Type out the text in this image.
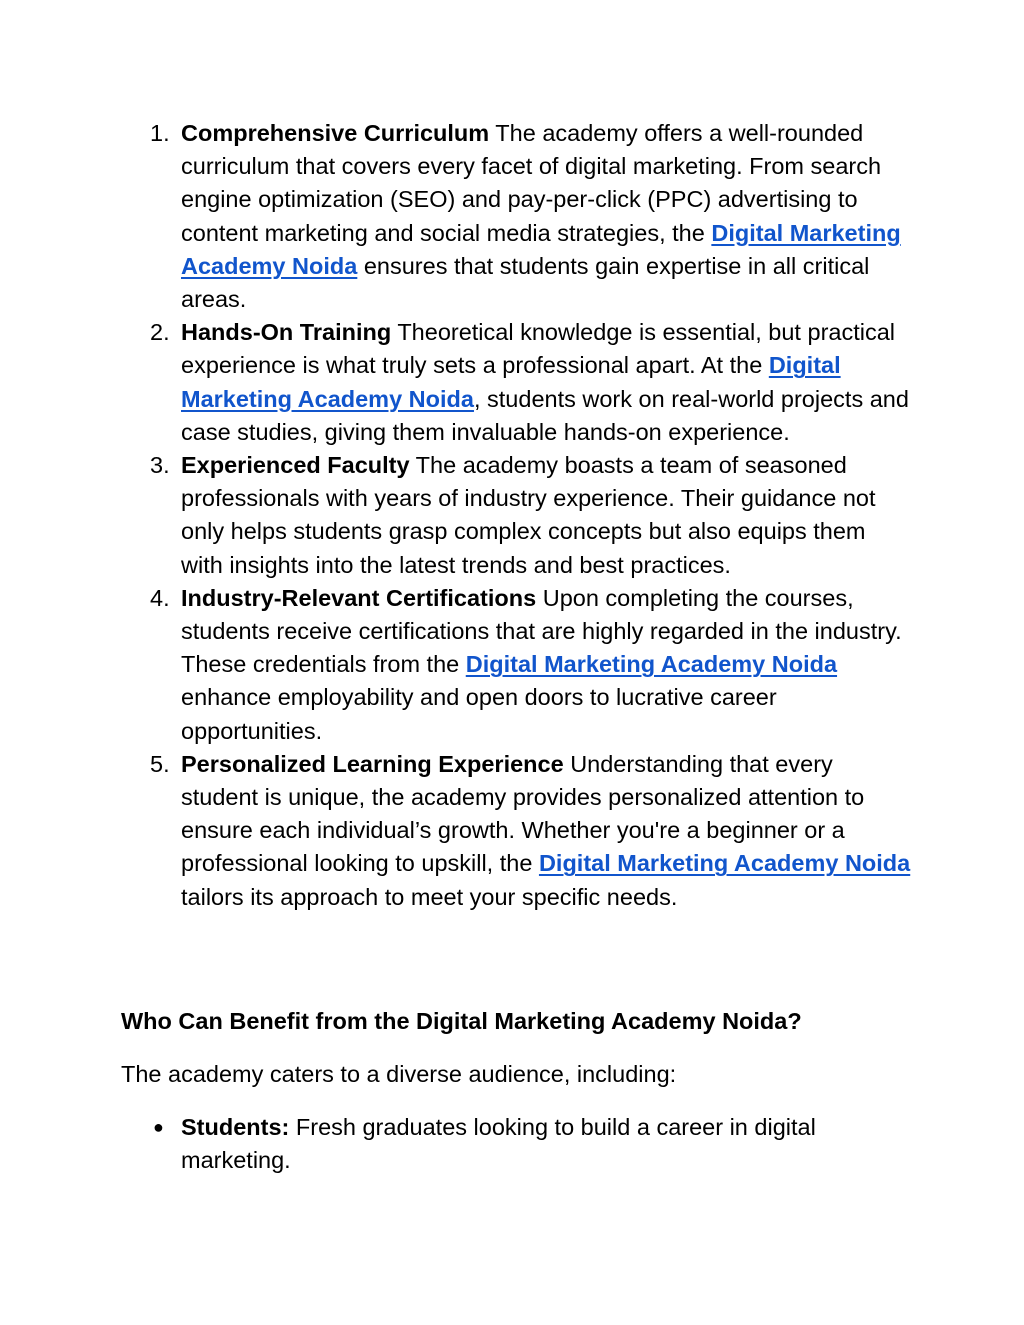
1. Comprehensive Curriculum The academy offers a well-rounded curriculum that covers every facet of digital marketing. From search engine optimization (SEO) and pay-per-click (PPC) advertising to content marketing and social media strategies, the Digital Marketing Academy Noida ensures that students gain expertise in all critical areas.
2. Hands-On Training Theoretical knowledge is essential, but practical experience is what truly sets a professional apart. At the Digital Marketing Academy Noida, students work on real-world projects and case studies, giving them invaluable hands-on experience.
3. Experienced Faculty The academy boasts a team of seasoned professionals with years of industry experience. Their guidance not only helps students grasp complex concepts but also equips them with insights into the latest trends and best practices.
4. Industry-Relevant Certifications Upon completing the courses, students receive certifications that are highly regarded in the industry. These credentials from the Digital Marketing Academy Noida enhance employability and open doors to lucrative career opportunities.
5. Personalized Learning Experience Understanding that every student is unique, the academy provides personalized attention to ensure each individual’s growth. Whether you're a beginner or a professional looking to upskill, the Digital Marketing Academy Noida tailors its approach to meet your specific needs.
Who Can Benefit from the Digital Marketing Academy Noida?

The academy caters to a diverse audience, including:

● Students: Fresh graduates looking to build a career in digital marketing.
